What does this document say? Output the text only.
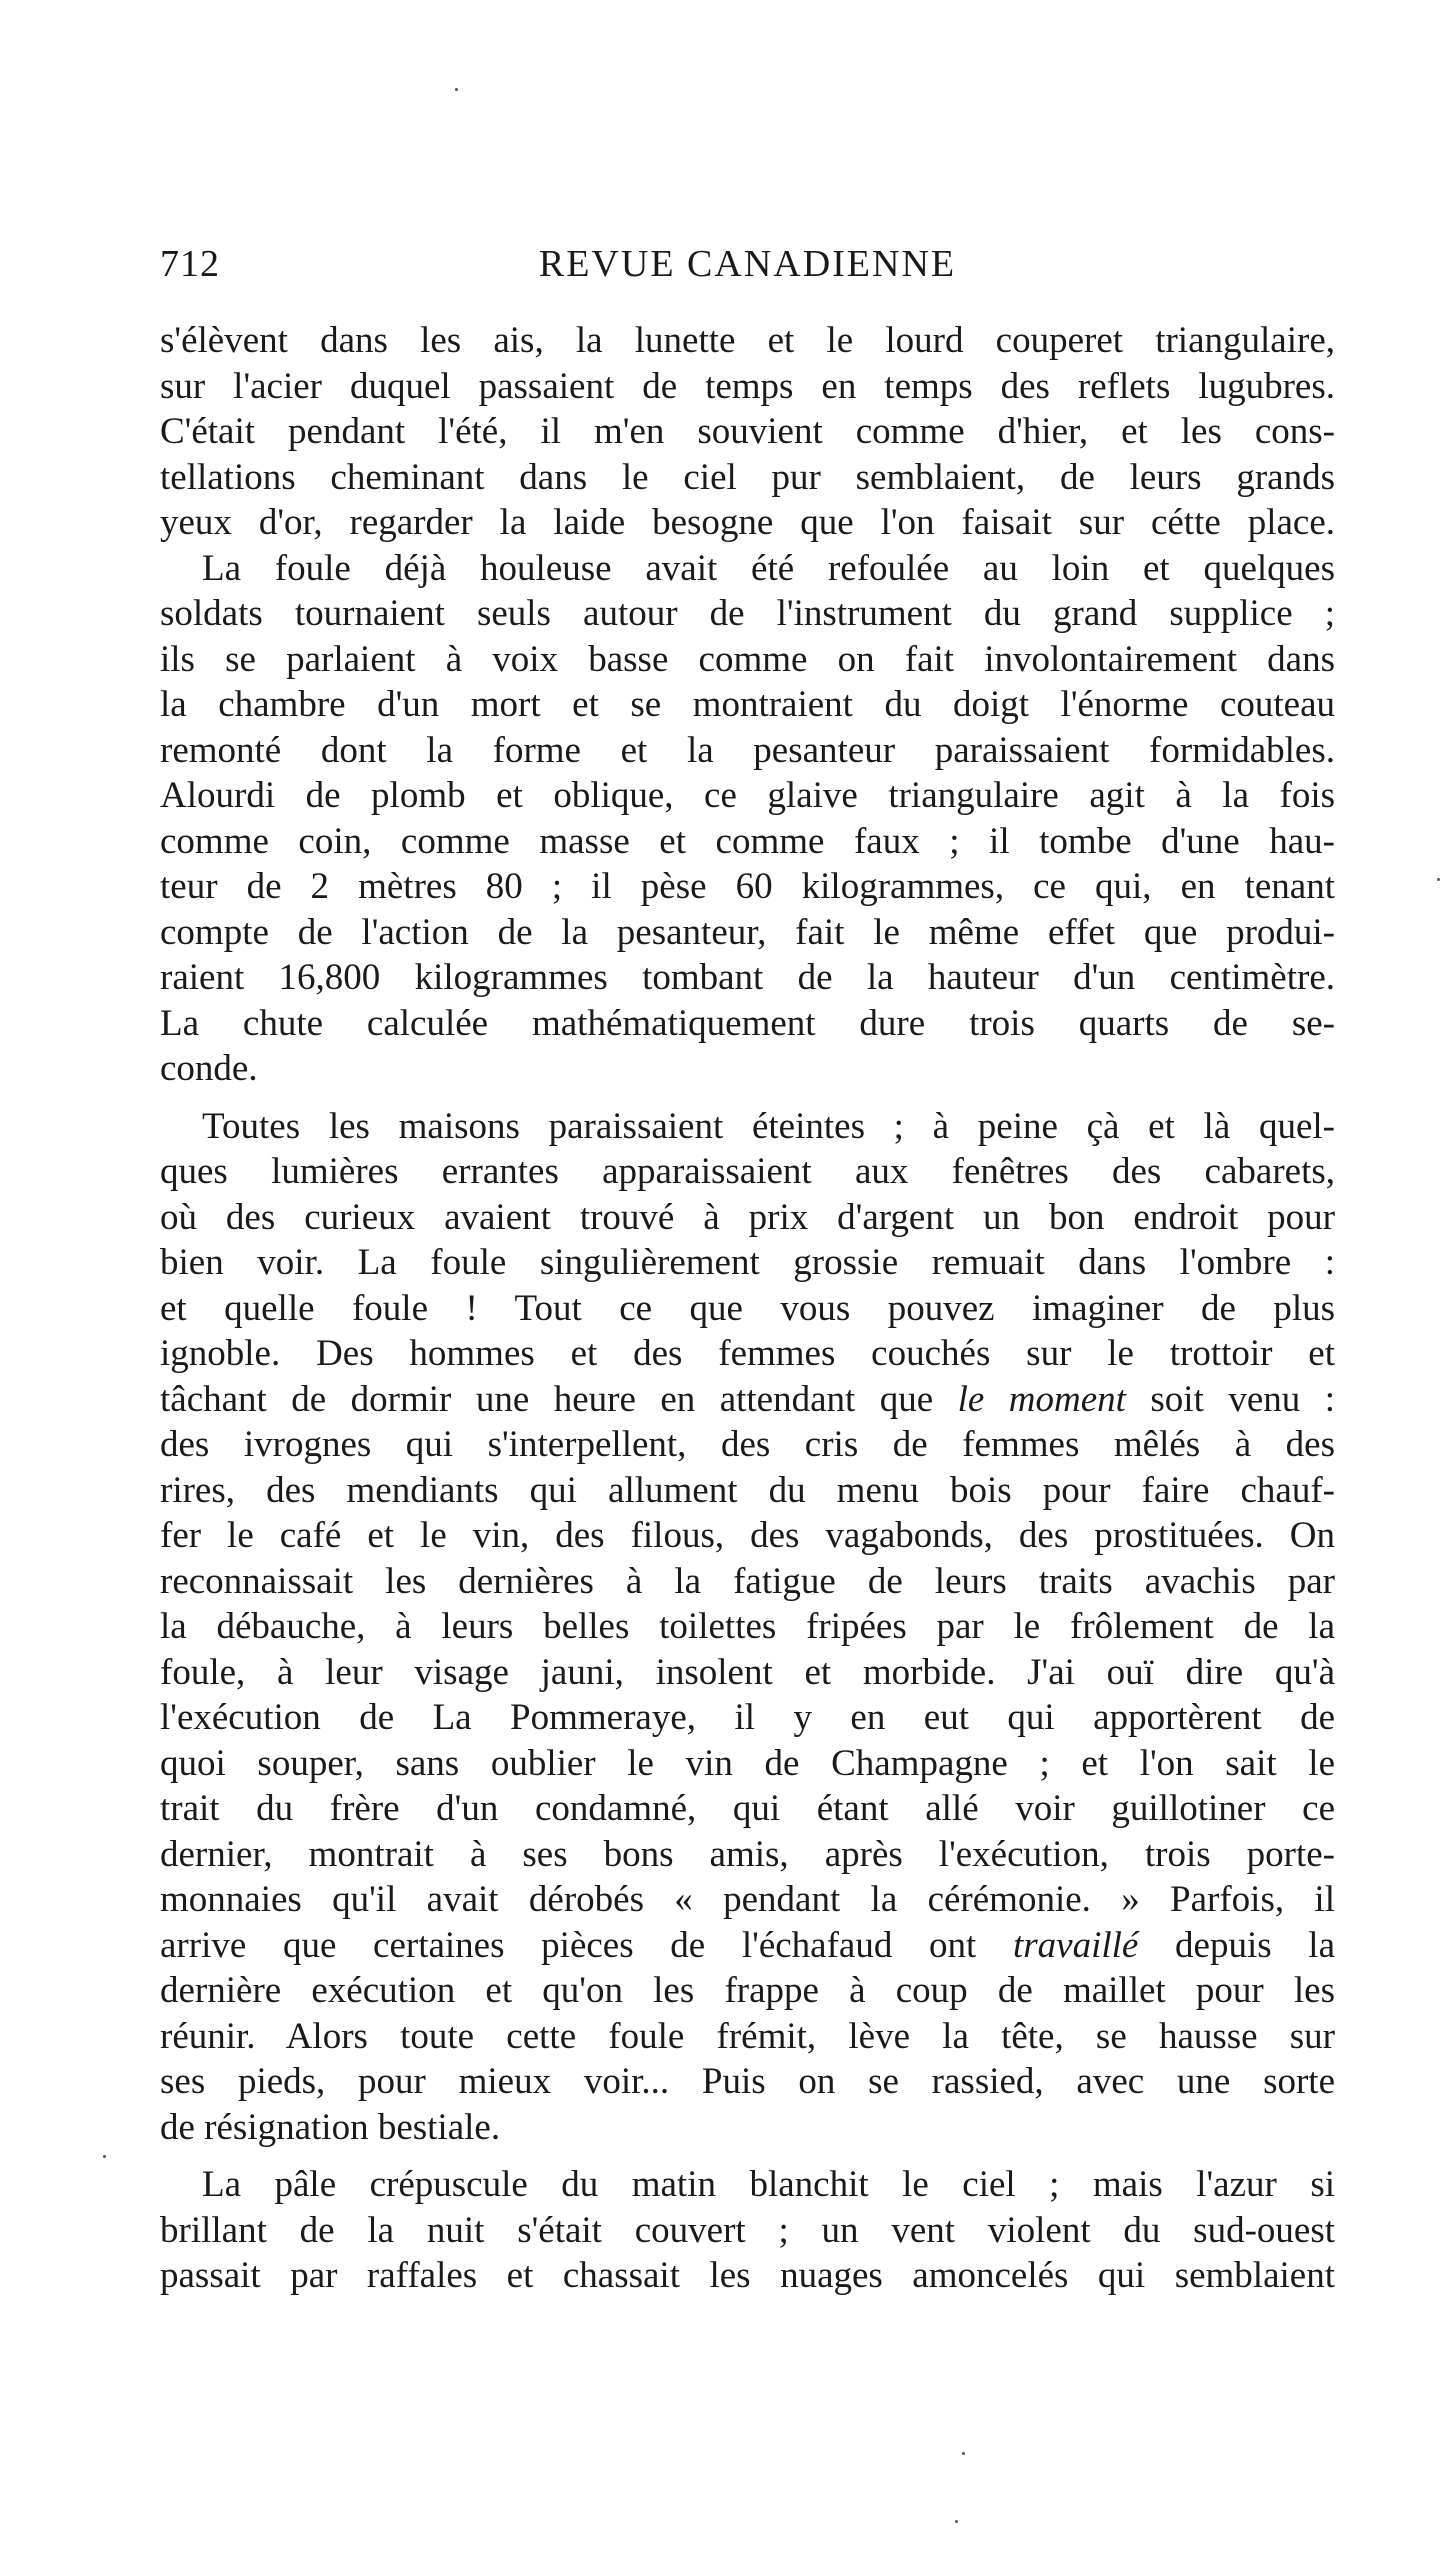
712	REVUE CANADIENNE
s'élèvent dans les ais, la lunette et le lourd couperet triangulaire,
sur l'acier duquel passaient de temps en temps des reflets lugubres.
C'était pendant l'été, il m'en souvient comme d'hier, et les cons-
tellations cheminant dans le ciel pur semblaient, de leurs grands
yeux d'or, regarder la laide besogne que l'on faisait sur cétte place.
La foule déjà houleuse avait été refoulée au loin et quelques
soldats tournaient seuls autour de l'instrument du grand supplice ;
ils se parlaient à voix basse comme on fait involontairement dans
la chambre d'un mort et se montraient du doigt l'énorme couteau
remonté dont la forme et la pesanteur paraissaient formidables.
Alourdi de plomb et oblique, ce glaive triangulaire agit à la fois
comme coin, comme masse et comme faux ; il tombe d'une hau-
teur de 2 mètres 80 ; il pèse 60 kilogrammes, ce qui, en tenant
compte de l'action de la pesanteur, fait le même effet que produi-
raient 16,800 kilogrammes tombant de la hauteur d'un centimètre.
La chute calculée mathématiquement dure trois quarts de se-
conde.
Toutes les maisons paraissaient éteintes ; à peine çà et là quel-
ques lumières errantes apparaissaient aux fenêtres des cabarets,
où des curieux avaient trouvé à prix d'argent un bon endroit pour
bien voir. La foule singulièrement grossie remuait dans l'ombre :
et quelle foule ! Tout ce que vous pouvez imaginer de plus
ignoble. Des hommes et des femmes couchés sur le trottoir et
tâchant de dormir une heure en attendant que le moment soit venu :
des ivrognes qui s'interpellent, des cris de femmes mêlés à des
rires, des mendiants qui allument du menu bois pour faire chauf-
fer le café et le vin, des filous, des vagabonds, des prostituées. On
reconnaissait les dernières à la fatigue de leurs traits avachis par
la débauche, à leurs belles toilettes fripées par le frôlement de la
foule, à leur visage jauni, insolent et morbide. J'ai ouï dire qu'à
l'exécution de La Pommeraye, il y en eut qui apportèrent de
quoi souper, sans oublier le vin de Champagne ; et l'on sait le
trait du frère d'un condamné, qui étant allé voir guillotiner ce
dernier, montrait à ses bons amis, après l'exécution, trois porte-
monnaies qu'il avait dérobés « pendant la cérémonie. » Parfois, il
arrive que certaines pièces de l'échafaud ont travaillé depuis la
dernière exécution et qu'on les frappe à coup de maillet pour les
réunir. Alors toute cette foule frémit, lève la tête, se hausse sur
ses pieds, pour mieux voir... Puis on se rassied, avec une sorte
de résignation bestiale.
La pâle crépuscule du matin blanchit le ciel ; mais l'azur si
brillant de la nuit s'était couvert ; un vent violent du sud-ouest
passait par raffales et chassait les nuages amoncelés qui semblaient
